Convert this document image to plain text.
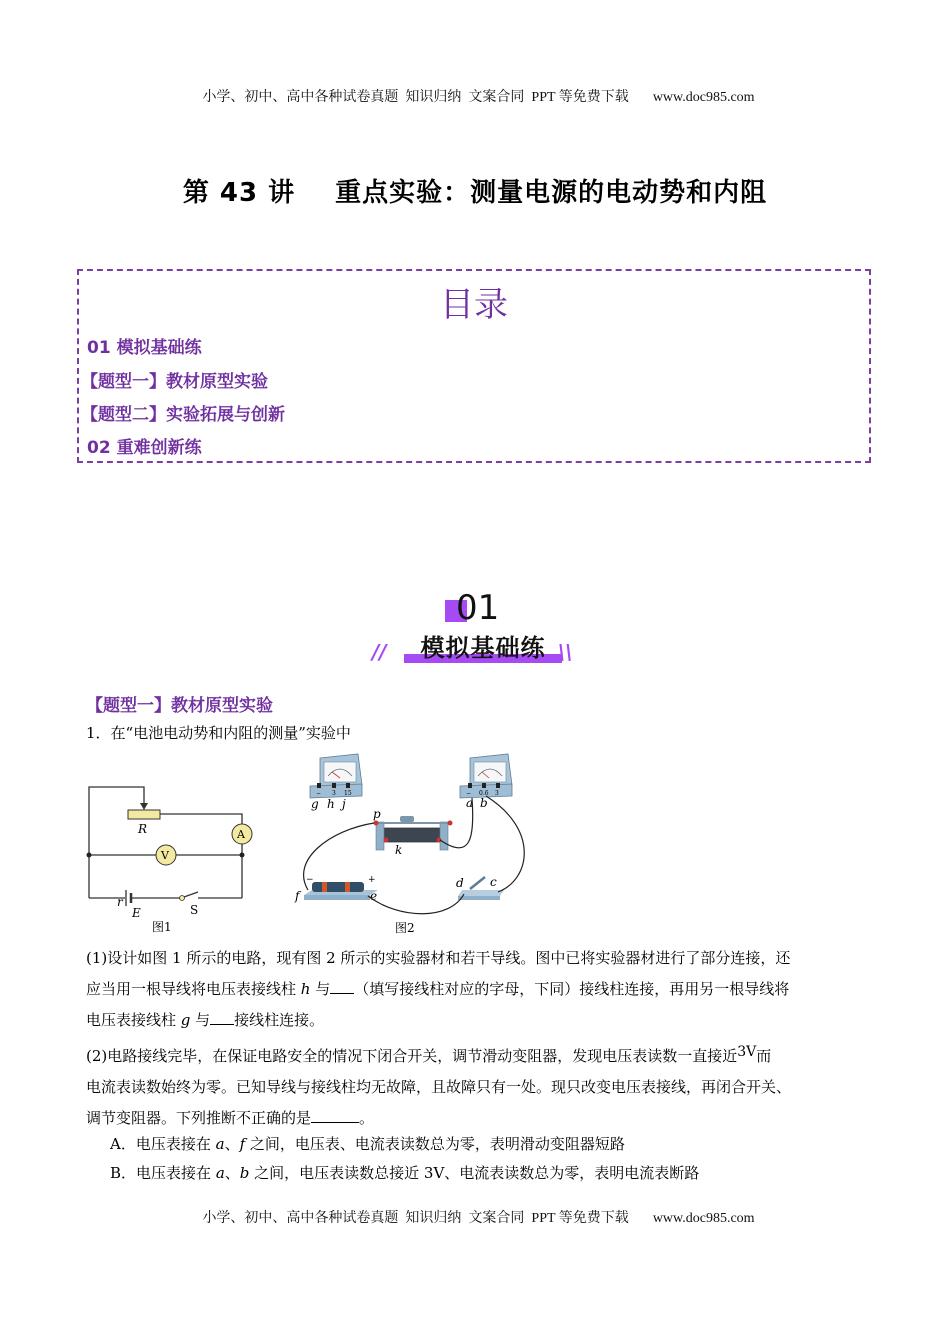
小学、初中、高中各种试卷真题  知识归纳  文案合同  PPT 等免费下载 www.doc985.com

第 43 讲 重点实验：测量电源的电动势和内阻
目录
01 模拟基础练
【题型一】教材原型实验
【题型二】实验拓展与创新
02 重难创新练
01
模拟基础练
//	\\
【题型一】教材原型实验
1．在“电池电动势和内阻的测量”实验中
R	A
V
r
E	S
图1
− 3 15
g h j
− 0.6 3
a b
p
k
−	+
f	e
d c
图2
(1)设计如图 1 所示的电路，现有图 2 所示的实验器材和若干导线。图中已将实验器材进行了部分连接，还
应当用一根导线将电压表接线柱 h 与 （填写接线柱对应的字母，下同）接线柱连接，再用另一根导线将
电压表接线柱 g 与 接线柱连接。
(2)电路接线完毕，在保证电路安全的情况下闭合开关，调节滑动变阻器，发现电压表读数一直接近$^{3V}$而
电流表读数始终为零。已知导线与接线柱均无故障，且故障只有一处。现只改变电压表接线，再闭合开关、
调节变阻器。下列推断不正确的是	。
A．电压表接在 a、f 之间，电压表、电流表读数总为零，表明滑动变阻器短路
B．电压表接在 a、b 之间，电压表读数总接近 3V、电流表读数总为零，表明电流表断路

小学、初中、高中各种试卷真题  知识归纳  文案合同  PPT 等免费下载 www.doc985.com
